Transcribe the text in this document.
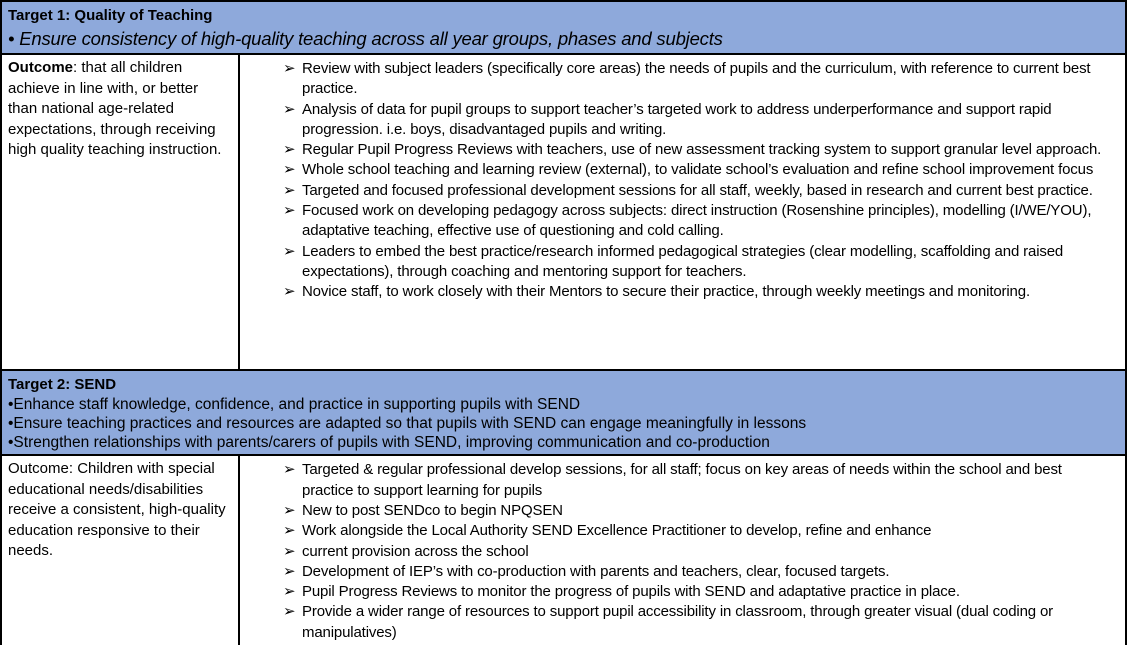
Target 1: Quality of Teaching
• Ensure consistency of high-quality teaching across all year groups, phases and subjects
Outcome: that all children achieve in line with, or better than national age-related expectations, through receiving high quality teaching instruction.
➢ Review with subject leaders (specifically core areas) the needs of pupils and the curriculum, with reference to current best practice.
➢ Analysis of data for pupil groups to support teacher’s targeted work to address underperformance and support rapid progression. i.e. boys, disadvantaged pupils and writing.
➢ Regular Pupil Progress Reviews with teachers, use of new assessment tracking system to support granular level approach.
➢ Whole school teaching and learning review (external), to validate school’s evaluation and refine school improvement focus
➢ Targeted and focused professional development sessions for all staff, weekly, based in research and current best practice.
➢ Focused work on developing pedagogy across subjects: direct instruction (Rosenshine principles), modelling (I/WE/YOU), adaptative teaching, effective use of questioning and cold calling.
➢ Leaders to embed the best practice/research informed pedagogical strategies (clear modelling, scaffolding and raised expectations), through coaching and mentoring support for teachers.
➢ Novice staff, to work closely with their Mentors to secure their practice, through weekly meetings and monitoring.
Target 2: SEND
•Enhance staff knowledge, confidence, and practice in supporting pupils with SEND
•Ensure teaching practices and resources are adapted so that pupils with SEND can engage meaningfully in lessons
•Strengthen relationships with parents/carers of pupils with SEND, improving communication and co-production
Outcome: Children with special educational needs/disabilities receive a consistent, high-quality education responsive to their needs.
➢ Targeted & regular professional develop sessions, for all staff; focus on key areas of needs within the school and best practice to support learning for pupils
➢ New to post SENDco to begin NPQSEN
➢ Work alongside the Local Authority SEND Excellence Practitioner to develop, refine and enhance
➢ current provision across the school
➢ Development of IEP’s with co-production with parents and teachers, clear, focused targets.
➢ Pupil Progress Reviews to monitor the progress of pupils with SEND and adaptative practice in place.
➢ Provide a wider range of resources to support pupil accessibility in classroom, through greater visual (dual coding or manipulatives)
